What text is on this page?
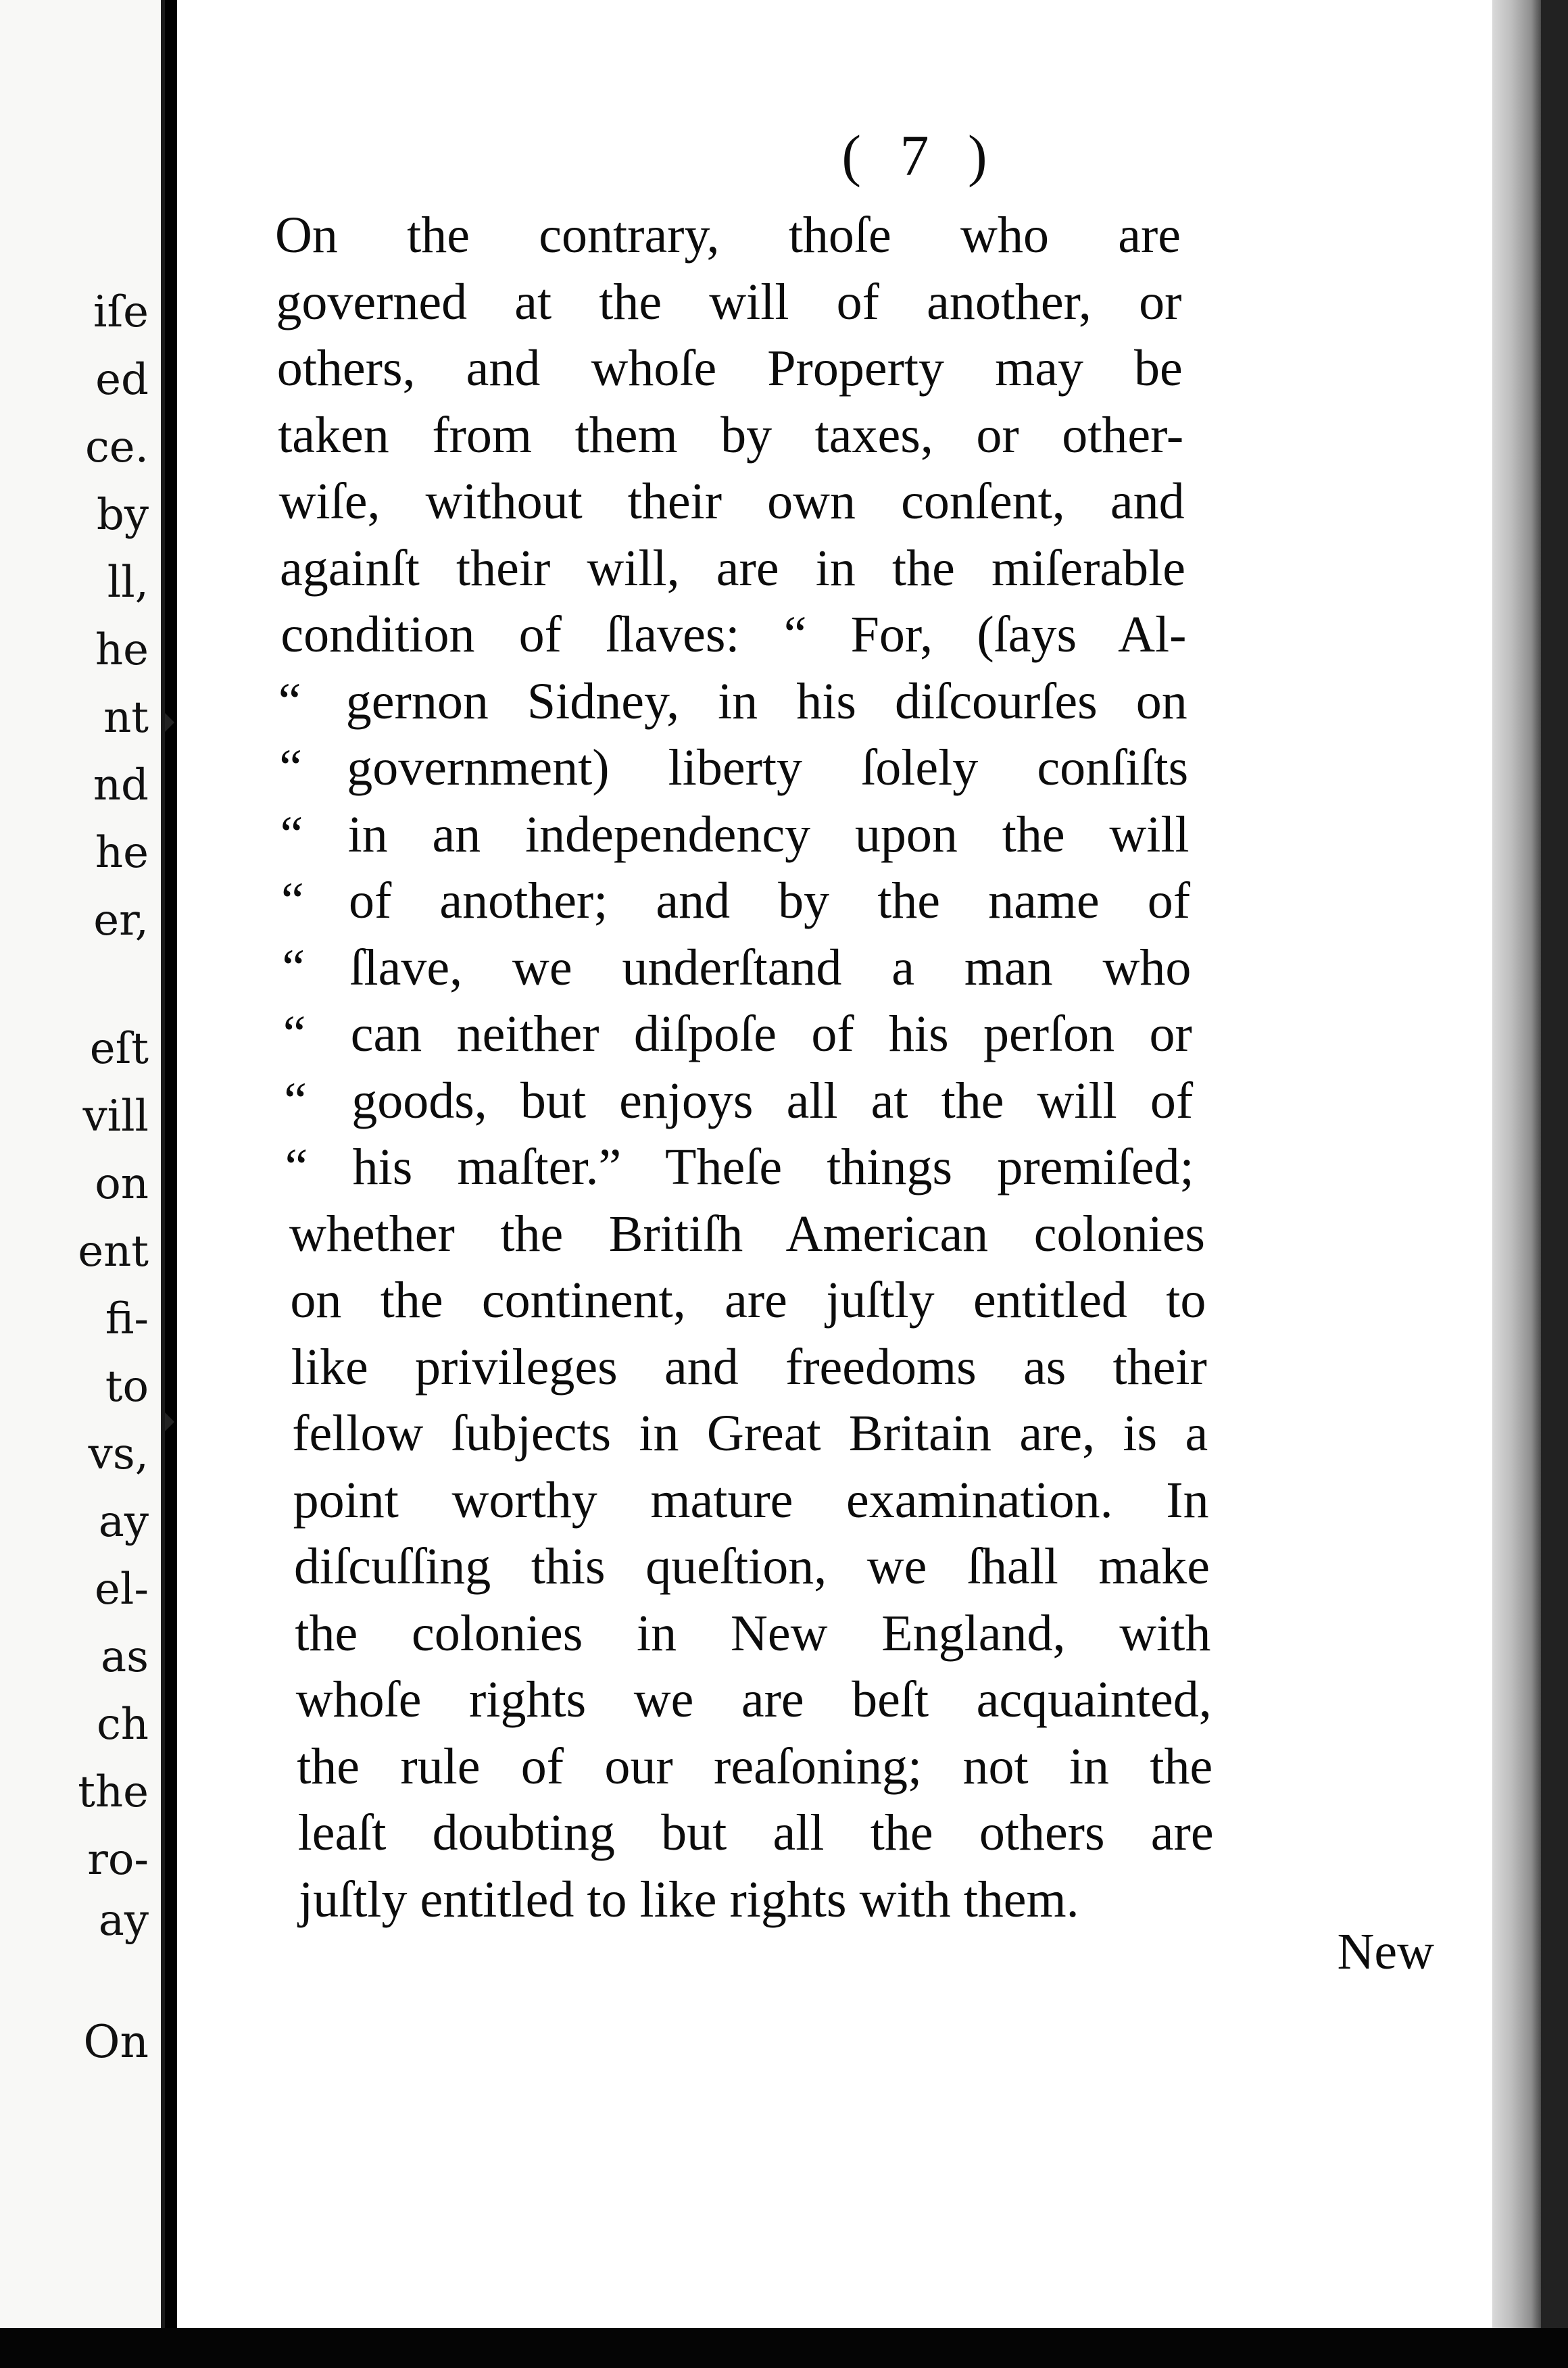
iſe
ed
ce.
by
ll,
he
nt
nd
he
er,
eſt
vill
on
ent
fi-
to
vs,
ay
el-
as
ch
the
ro-
ay
On
( 7 )
On the contrary, thoſe who are
governed at the will of another, or
others, and whoſe Property may be
taken from them by taxes, or other-
wiſe, without their own conſent, and
againſt their will, are in the miſerable
condition of ſlaves: “ For, (ſays Al-
“ gernon Sidney, in his diſcourſes on
“ government) liberty ſolely conſiſts
“ in an independency upon the will
“ of another; and by the name of
“ ſlave, we underſtand a man who
“ can neither diſpoſe of his perſon or
“ goods, but enjoys all at the will of
“ his maſter.” Theſe things premiſed;
whether the Britiſh American colonies
on the continent, are juſtly entitled to
like privileges and freedoms as their
fellow ſubjects in Great Britain are, is a
point worthy mature examination. In
diſcuſſing this queſtion, we ſhall make
the colonies in New England, with
whoſe rights we are beſt acquainted,
the rule of our reaſoning; not in the
leaſt doubting but all the others are
juſtly entitled to like rights with them.
New
